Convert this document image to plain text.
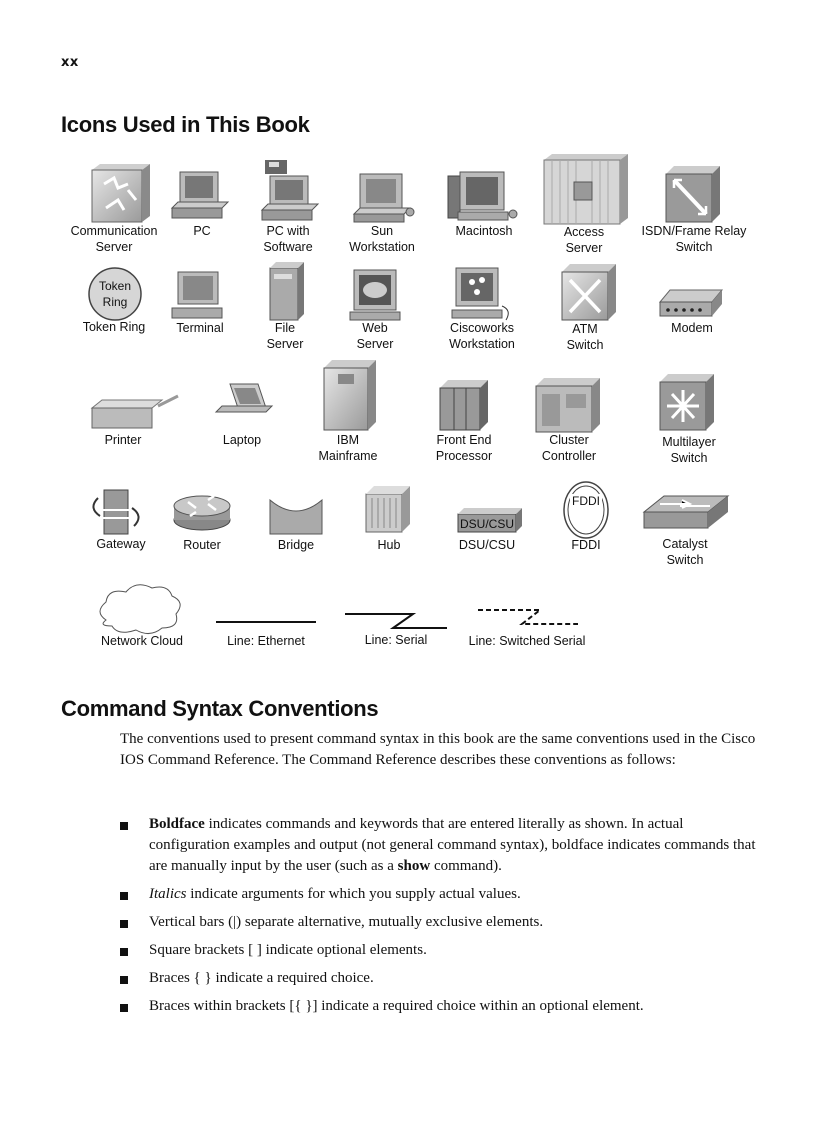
xx
Icons Used in This Book
Token
Ring
DSU/CSU
FDDI
Communication
Server
PC	PC with
Software
Sun
Workstation
Macintosh	Access
Server
ISDN/Frame Relay
Switch
Token Ring	Terminal	File
Server
Web
Server
Ciscoworks
Workstation
ATM
Switch
Modem
Printer	Laptop	IBM
Mainframe
Front End
Processor
Cluster
Controller
Multilayer
Switch
Gateway	Router	Bridge	Hub	DSU/CSU	FDDI	Catalyst
Switch
Network Cloud	Line: Ethernet	Line: Serial	Line: Switched Serial
Command Syntax Conventions

The conventions used to present command syntax in this book are the same conventions used in the Cisco IOS Command Reference. The Command Reference describes these conventions as follows:

Boldface indicates commands and keywords that are entered literally as shown. In actual configuration examples and output (not general command syntax), boldface indicates commands that are manually input by the user (such as a show command).
Italics indicate arguments for which you supply actual values.
Vertical bars (|) separate alternative, mutually exclusive elements.
Square brackets [ ] indicate optional elements.
Braces { } indicate a required choice.
Braces within brackets [{ }] indicate a required choice within an optional element.
